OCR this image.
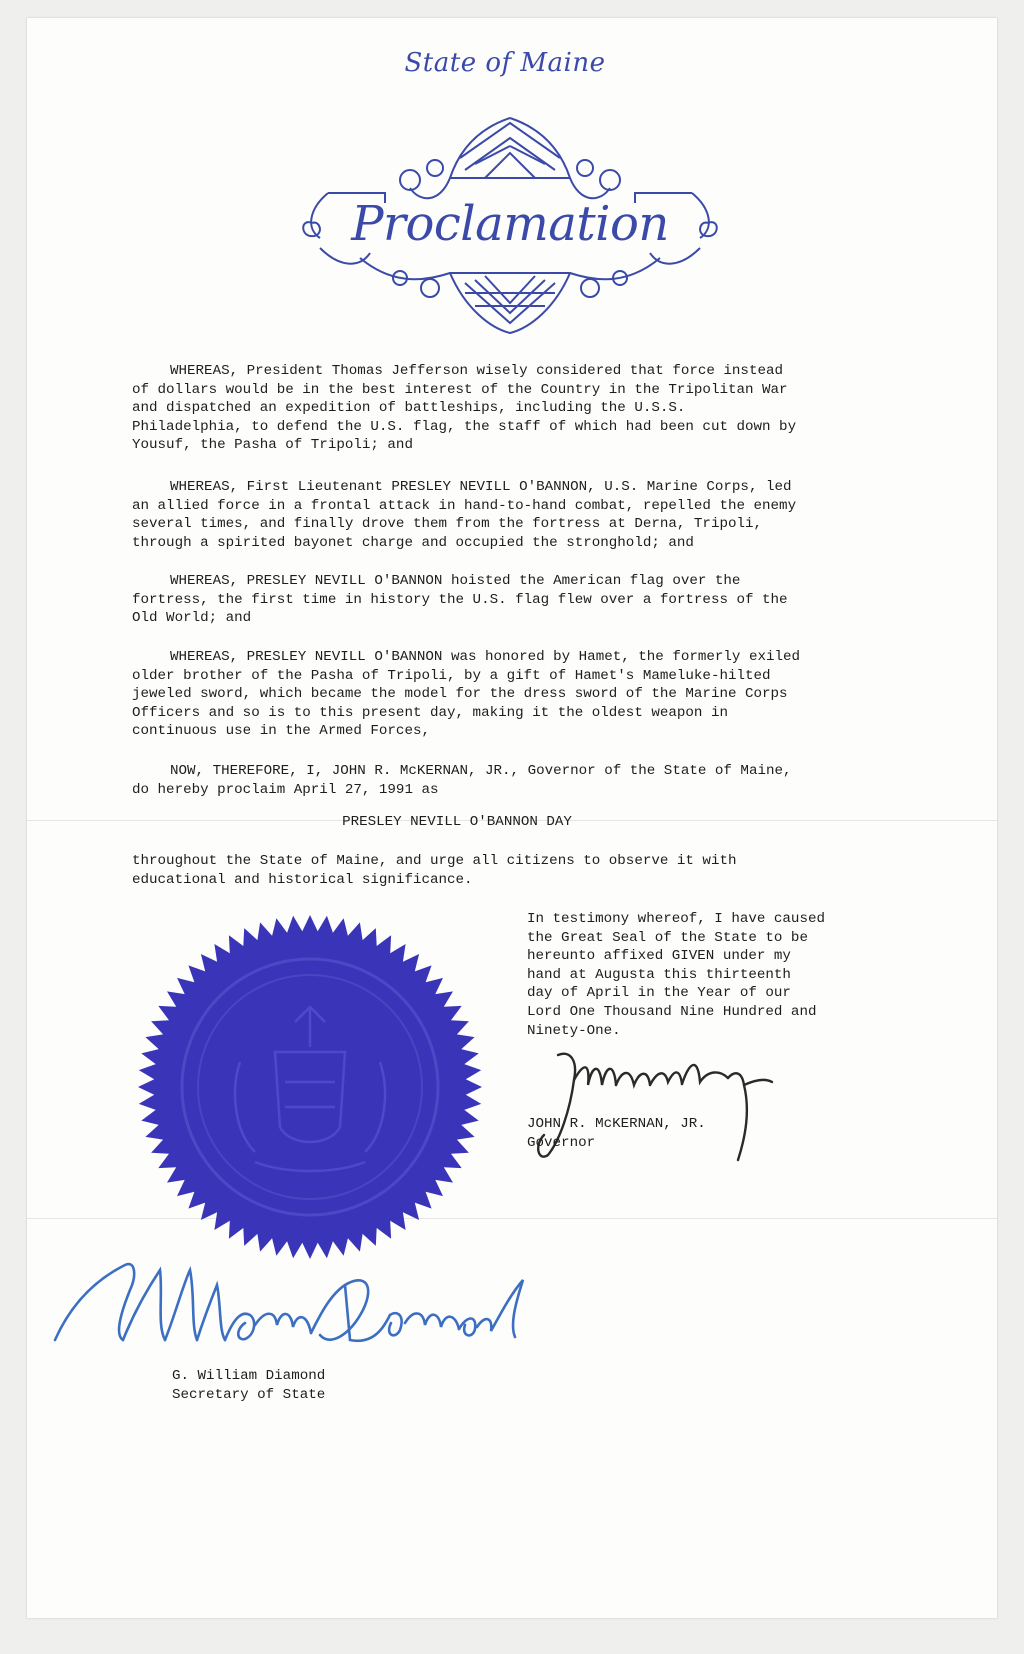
State of Maine
Proclamation
WHEREAS, President Thomas Jefferson wisely considered that force instead
of dollars would be in the best interest of the Country in the Tripolitan War
and dispatched an expedition of battleships, including the U.S.S.
Philadelphia, to defend the U.S. flag, the staff of which had been cut down by
Yousuf, the Pasha of Tripoli; and
WHEREAS, First Lieutenant PRESLEY NEVILL O'BANNON, U.S. Marine Corps, led
an allied force in a frontal attack in hand-to-hand combat, repelled the enemy
several times, and finally drove them from the fortress at Derna, Tripoli,
through a spirited bayonet charge and occupied the stronghold; and
WHEREAS, PRESLEY NEVILL O'BANNON hoisted the American flag over the
fortress, the first time in history the U.S. flag flew over a fortress of the
Old World; and
WHEREAS, PRESLEY NEVILL O'BANNON was honored by Hamet, the formerly exiled
older brother of the Pasha of Tripoli, by a gift of Hamet's Mameluke-hilted
jeweled sword, which became the model for the dress sword of the Marine Corps
Officers and so is to this present day, making it the oldest weapon in
continuous use in the Armed Forces,
NOW, THEREFORE, I, JOHN R. McKERNAN, JR., Governor of the State of Maine,
do hereby proclaim April 27, 1991 as
PRESLEY NEVILL O'BANNON DAY
throughout the State of Maine, and urge all citizens to observe it with
educational and historical significance.
In testimony whereof, I have caused
the Great Seal of the State to be
hereunto affixed GIVEN under my
hand at Augusta this thirteenth
day of April in the Year of our
Lord One Thousand Nine Hundred and
Ninety-One.
JOHN R. McKERNAN, JR.
Governor
G. William Diamond
Secretary of State
